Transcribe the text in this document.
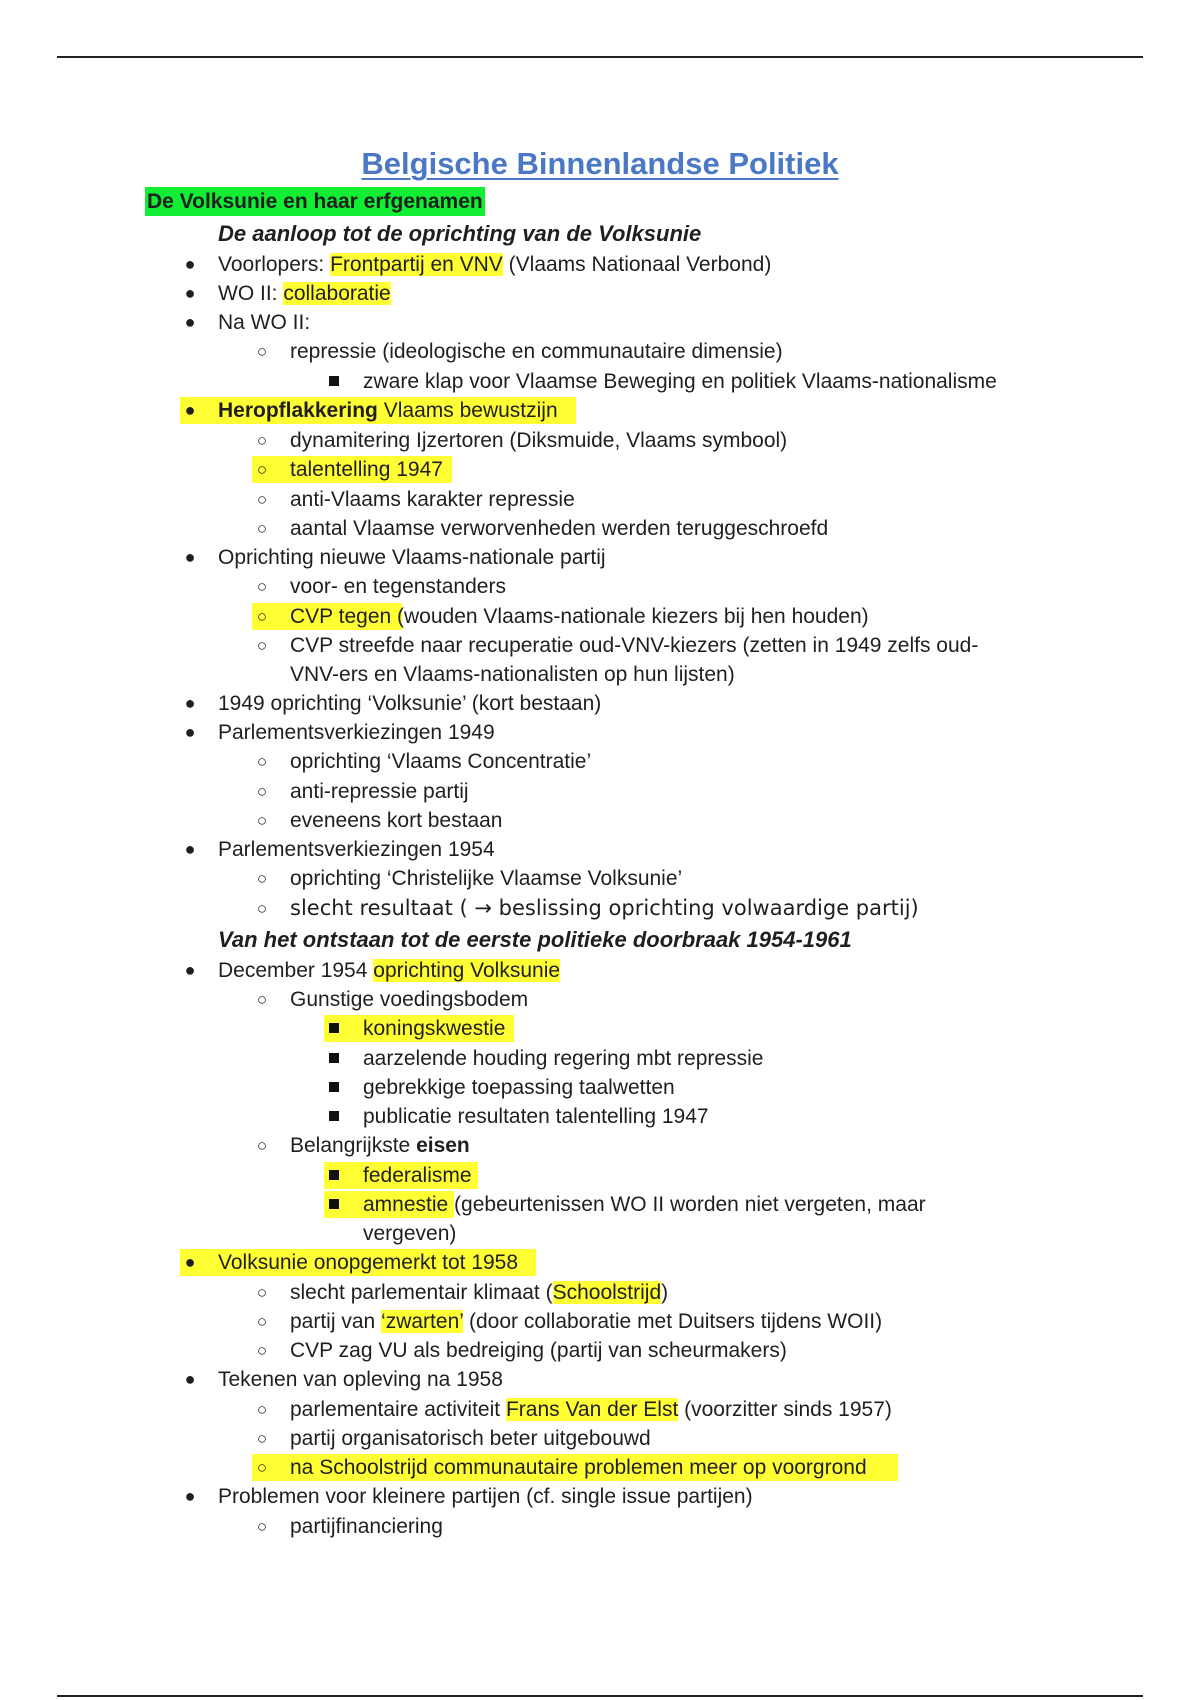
Belgische Binnenlandse Politiek
De Volksunie en haar erfgenamen
De aanloop tot de oprichting van de Volksunie
●	Voorlopers: Frontpartij en VNV (Vlaams Nationaal Verbond)
●	WO II: collaboratie
●	Na WO II:
○	repressie (ideologische en communautaire dimensie)
zware klap voor Vlaamse Beweging en politiek Vlaams-nationalisme
●	Heropflakkering Vlaams bewustzijn
○	dynamitering Ijzertoren (Diksmuide, Vlaams symbool)
○	talentelling 1947
○	anti-Vlaams karakter repressie
○	aantal Vlaamse verworvenheden werden teruggeschroefd
●	Oprichting nieuwe Vlaams-nationale partij
○	voor- en tegenstanders
○	CVP tegen (wouden Vlaams-nationale kiezers bij hen houden)
○	CVP streefde naar recuperatie oud-VNV-kiezers (zetten in 1949 zelfs oud-
VNV-ers en Vlaams-nationalisten op hun lijsten)
●	1949 oprichting ‘Volksunie’ (kort bestaan)
●	Parlementsverkiezingen 1949
○	oprichting ‘Vlaams Concentratie’
○	anti-repressie partij
○	eveneens kort bestaan
●	Parlementsverkiezingen 1954
○	oprichting ‘Christelijke Vlaamse Volksunie’
○	slecht resultaat ( → beslissing oprichting volwaardige partij)
Van het ontstaan tot de eerste politieke doorbraak 1954-1961
●	December 1954 oprichting Volksunie
○	Gunstige voedingsbodem
koningskwestie
aarzelende houding regering mbt repressie
gebrekkige toepassing taalwetten
publicatie resultaten talentelling 1947
○	Belangrijkste eisen
federalisme
amnestie (gebeurtenissen WO II worden niet vergeten, maar
vergeven)
●	Volksunie onopgemerkt tot 1958
○	slecht parlementair klimaat (Schoolstrijd)
○	partij van ‘zwarten’ (door collaboratie met Duitsers tijdens WOII)
○	CVP zag VU als bedreiging (partij van scheurmakers)
●	Tekenen van opleving na 1958
○	parlementaire activiteit Frans Van der Elst (voorzitter sinds 1957)
○	partij organisatorisch beter uitgebouwd
○	na Schoolstrijd communautaire problemen meer op voorgrond
●	Problemen voor kleinere partijen (cf. single issue partijen)
○	partijfinanciering
